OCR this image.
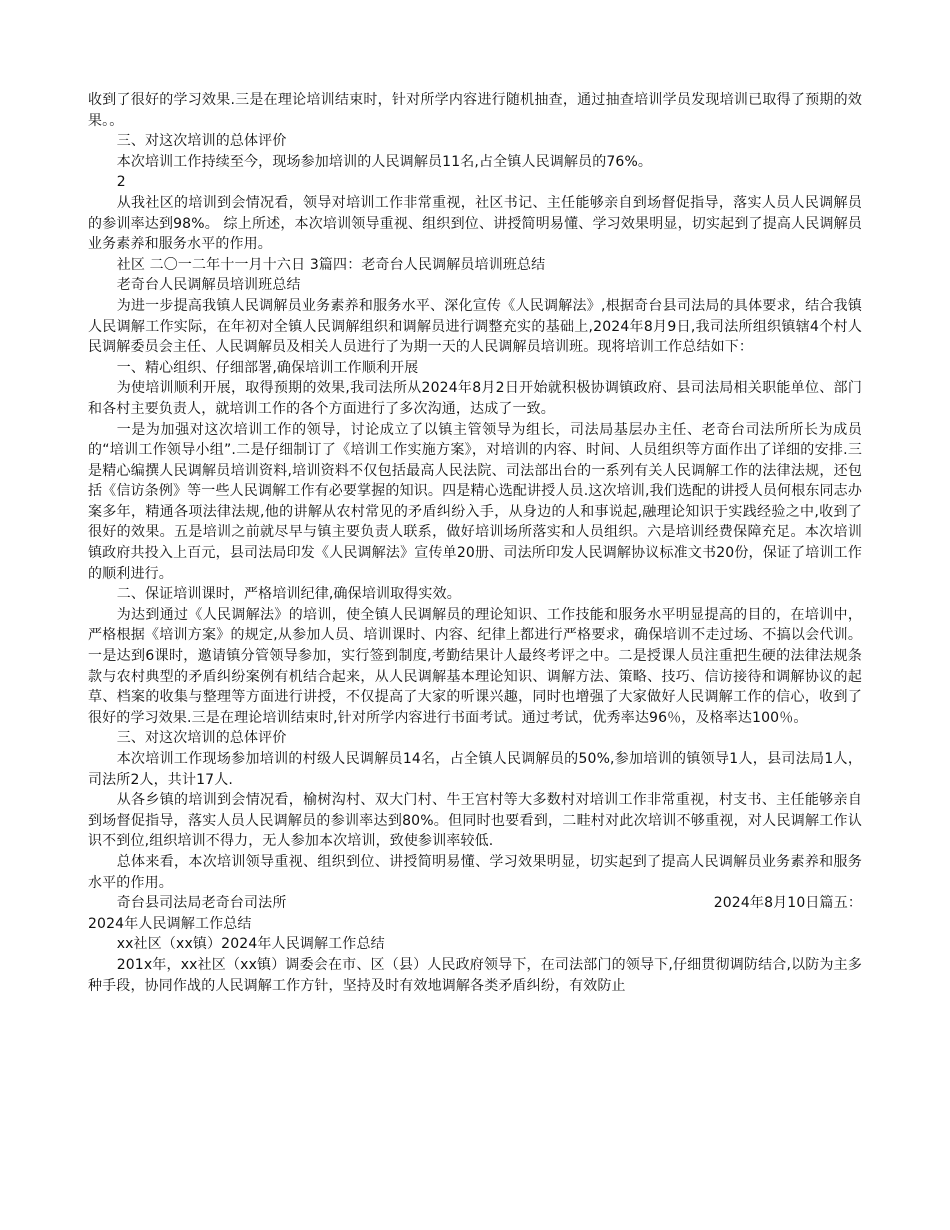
收到了很好的学习效果.三是在理论培训结束时，针对所学内容进行随机抽查，通过抽查培训学员发现培训已取得了预期的效果。。

三、对这次培训的总体评价

本次培训工作持续至今，现场参加培训的人民调解员11名,占全镇人民调解员的76%。

2

从我社区的培训到会情况看，领导对培训工作非常重视，社区书记、主任能够亲自到场督促指导，落实人员人民调解员的参训率达到98%。 综上所述，本次培训领导重视、组织到位、讲授简明易懂、学习效果明显，切实起到了提高人民调解员业务素养和服务水平的作用。

社区 二〇一二年十一月十六日 3篇四：老奇台人民调解员培训班总结

老奇台人民调解员培训班总结

为进一步提高我镇人民调解员业务素养和服务水平、深化宣传《人民调解法》,根据奇台县司法局的具体要求，结合我镇人民调解工作实际，在年初对全镇人民调解组织和调解员进行调整充实的基础上,2024年8月9日,我司法所组织镇辖4个村人民调解委员会主任、人民调解员及相关人员进行了为期一天的人民调解员培训班。现将培训工作总结如下：

一、精心组织、仔细部署,确保培训工作顺利开展

为使培训顺利开展，取得预期的效果,我司法所从2024年8月2日开始就积极协调镇政府、县司法局相关职能单位、部门和各村主要负责人，就培训工作的各个方面进行了多次沟通，达成了一致。

一是为加强对这次培训工作的领导，讨论成立了以镇主管领导为组长，司法局基层办主任、老奇台司法所所长为成员的“培训工作领导小组”.二是仔细制订了《培训工作实施方案》，对培训的内容、时间、人员组织等方面作出了详细的安排.三是精心编撰人民调解员培训资料,培训资料不仅包括最高人民法院、司法部出台的一系列有关人民调解工作的法律法规，还包括《信访条例》等一些人民调解工作有必要掌握的知识。四是精心选配讲授人员.这次培训,我们选配的讲授人员何根东同志办案多年，精通各项法律法规,他的讲解从农村常见的矛盾纠纷入手，从身边的人和事说起,融理论知识于实践经验之中,收到了很好的效果。五是培训之前就尽早与镇主要负责人联系，做好培训场所落实和人员组织。六是培训经费保障充足。本次培训镇政府共投入上百元，县司法局印发《人民调解法》宣传单20册、司法所印发人民调解协议标准文书20份，保证了培训工作的顺利进行。

二、保证培训课时，严格培训纪律,确保培训取得实效。

为达到通过《人民调解法》的培训，使全镇人民调解员的理论知识、工作技能和服务水平明显提高的目的，在培训中，严格根据《培训方案》的规定,从参加人员、培训课时、内容、纪律上都进行严格要求，确保培训不走过场、不搞以会代训。一是达到6课时，邀请镇分管领导参加，实行签到制度,考勤结果计人最终考评之中。二是授课人员注重把生硬的法律法规条款与农村典型的矛盾纠纷案例有机结合起来，从人民调解基本理论知识、调解方法、策略、技巧、信访接待和调解协议的起草、档案的收集与整理等方面进行讲授，不仅提高了大家的听课兴趣，同时也增强了大家做好人民调解工作的信心，收到了很好的学习效果.三是在理论培训结束时,针对所学内容进行书面考试。通过考试，优秀率达96％，及格率达100％。

三、对这次培训的总体评价

本次培训工作现场参加培训的村级人民调解员14名，占全镇人民调解员的50%,参加培训的镇领导1人，县司法局1人，司法所2人，共计17人.

从各乡镇的培训到会情况看，榆树沟村、双大门村、牛王宫村等大多数村对培训工作非常重视，村支书、主任能够亲自到场督促指导，落实人员人民调解员的参训率达到80%。但同时也要看到，二畦村对此次培训不够重视，对人民调解工作认识不到位,组织培训不得力，无人参加本次培训，致使参训率较低.

总体来看，本次培训领导重视、组织到位、讲授简明易懂、学习效果明显，切实起到了提高人民调解员业务素养和服务水平的作用。

奇台县司法局老奇台司法所	2024年8月10日篇五：

2024年人民调解工作总结

xx社区（xx镇）2024年人民调解工作总结

201x年，xx社区（xx镇）调委会在市、区（县）人民政府领导下，在司法部门的领导下,仔细贯彻调防结合,以防为主多种手段，协同作战的人民调解工作方针，坚持及时有效地调解各类矛盾纠纷，有效防止
